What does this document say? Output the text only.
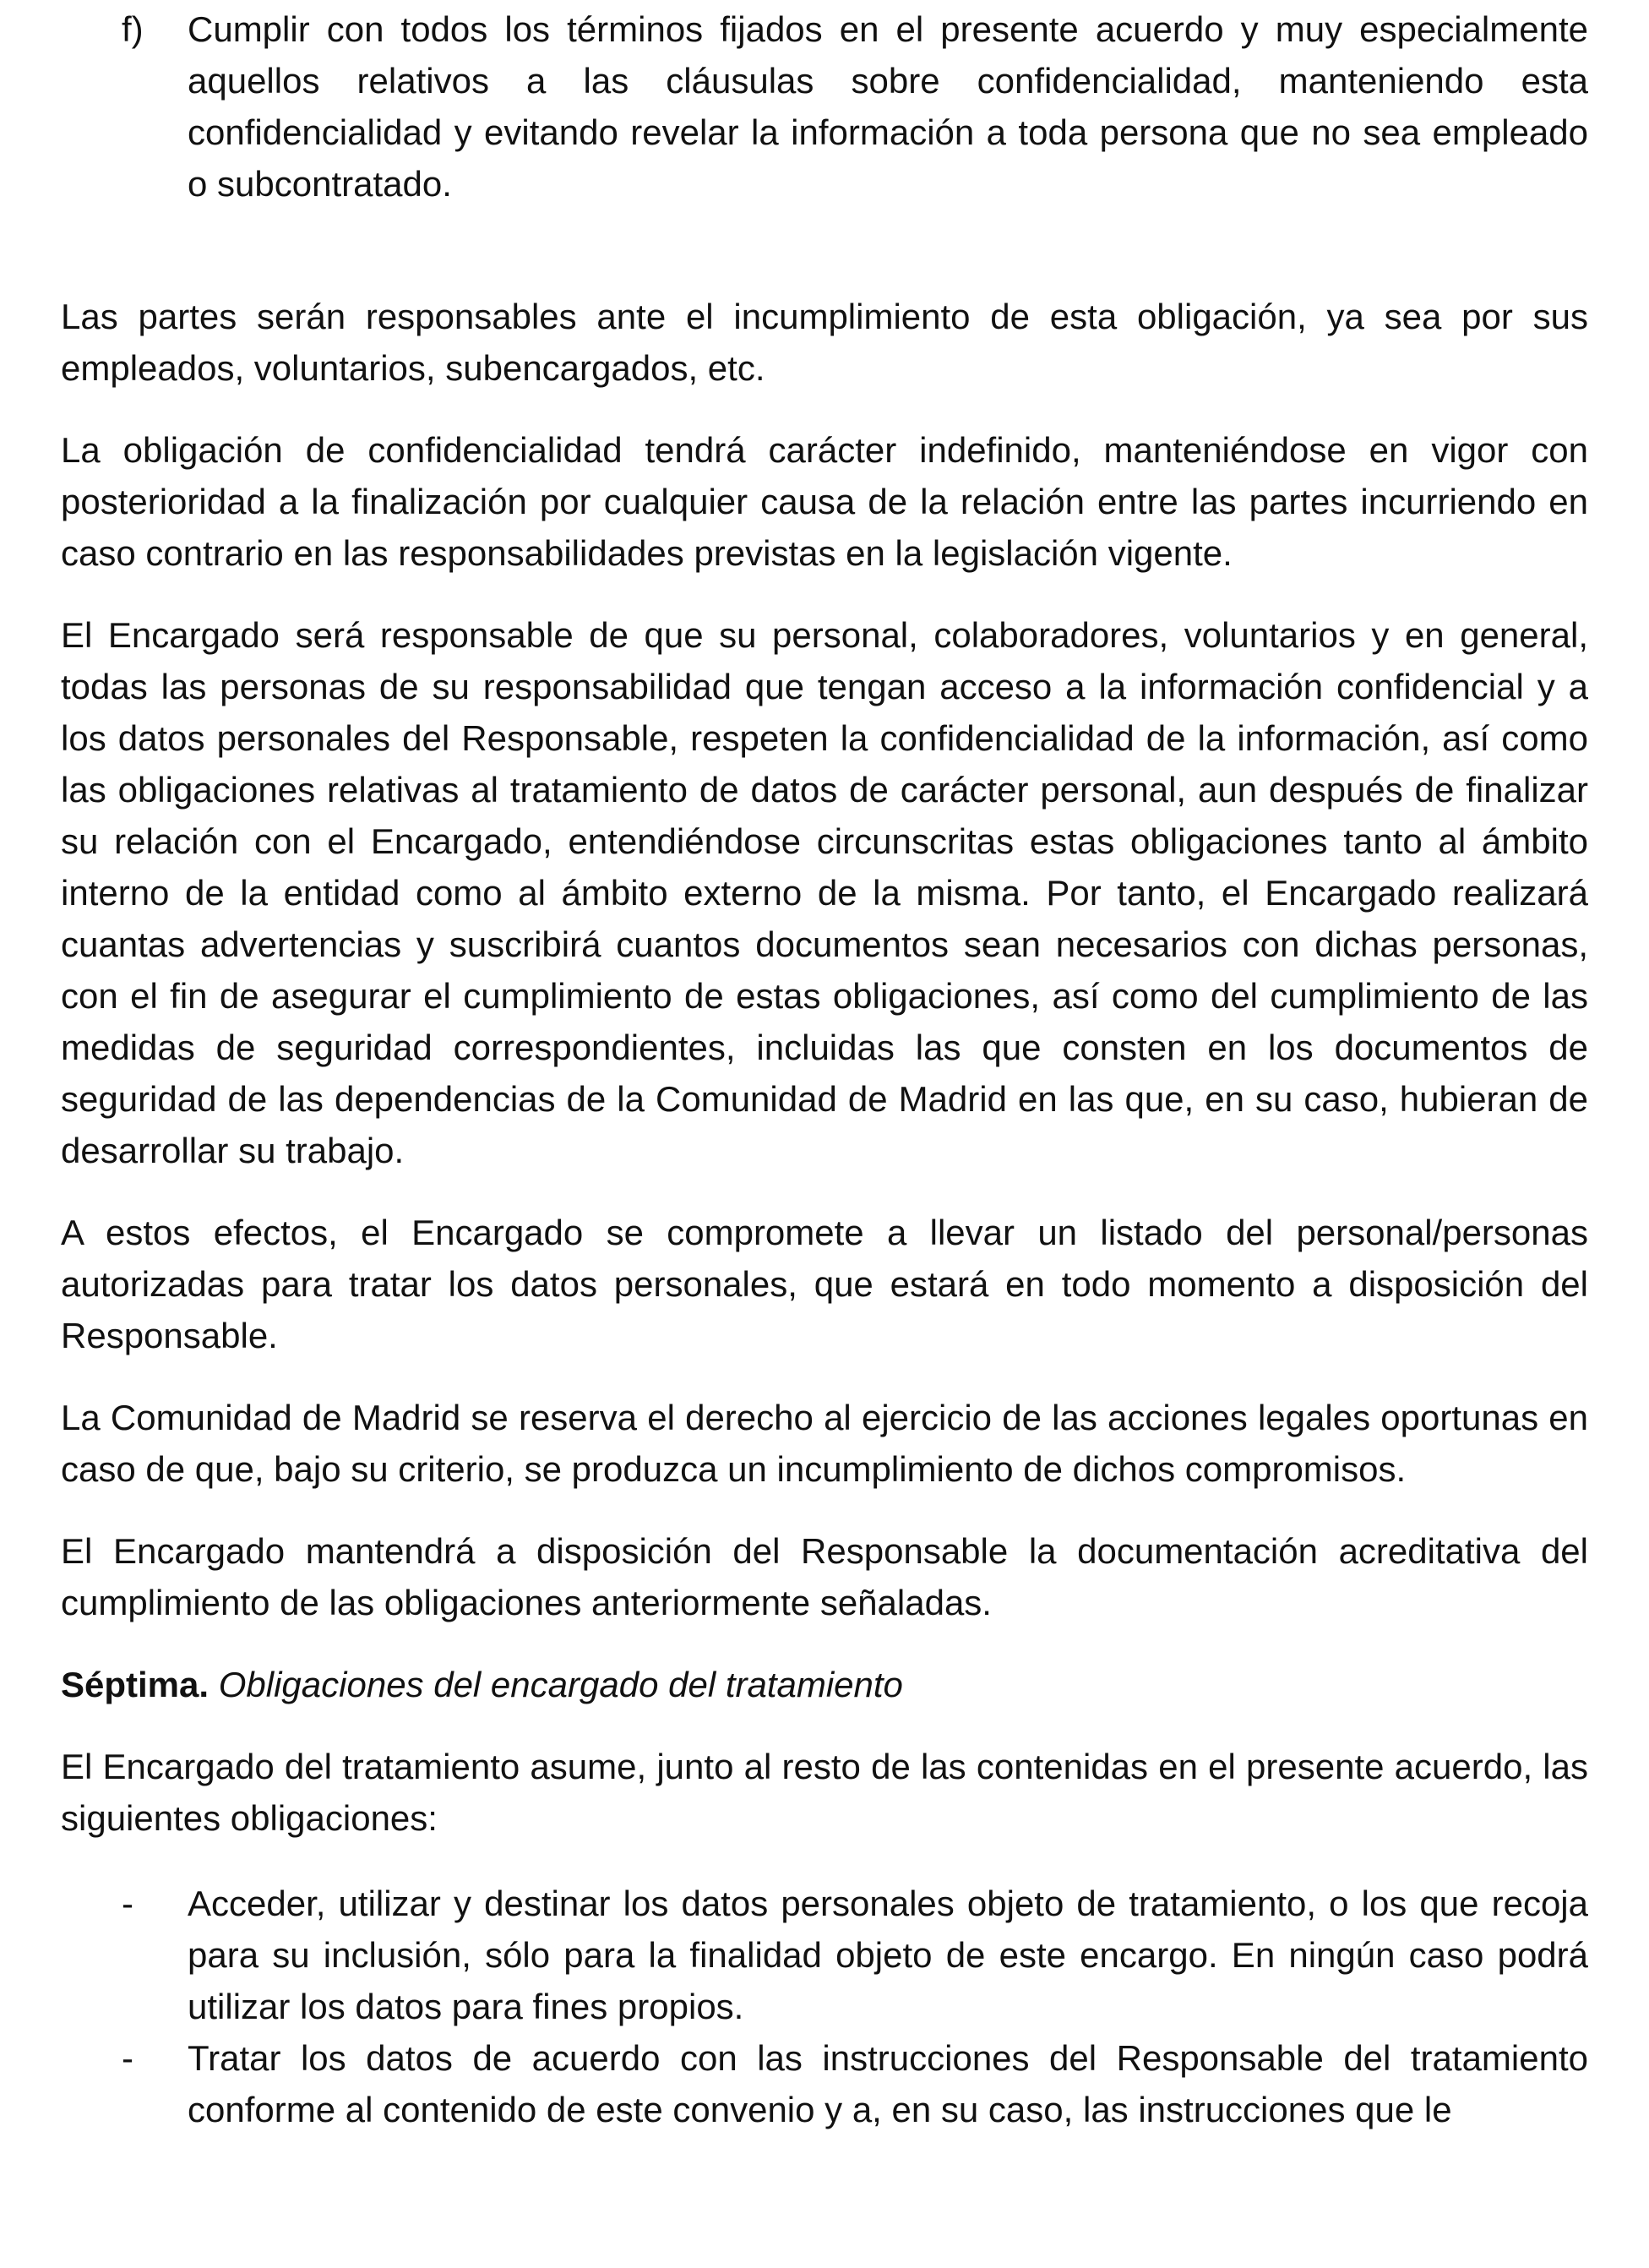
f) Cumplir con todos los términos fijados en el presente acuerdo y muy especialmente aquellos relativos a las cláusulas sobre confidencialidad, manteniendo esta confidencialidad y evitando revelar la información a toda persona que no sea empleado o subcontratado.

Las partes serán responsables ante el incumplimiento de esta obligación, ya sea por sus empleados, voluntarios, subencargados, etc.

La obligación de confidencialidad tendrá carácter indefinido, manteniéndose en vigor con posterioridad a la finalización por cualquier causa de la relación entre las partes incurriendo en caso contrario en las responsabilidades previstas en la legislación vigente.

El Encargado será responsable de que su personal, colaboradores, voluntarios y en general, todas las personas de su responsabilidad que tengan acceso a la información confidencial y a los datos personales del Responsable, respeten la confidencialidad de la información, así como las obligaciones relativas al tratamiento de datos de carácter personal, aun después de finalizar su relación con el Encargado, entendiéndose circunscritas estas obligaciones tanto al ámbito interno de la entidad como al ámbito externo de la misma. Por tanto, el Encargado realizará cuantas advertencias y suscribirá cuantos documentos sean necesarios con dichas personas, con el fin de asegurar el cumplimiento de estas obligaciones, así como del cumplimiento de las medidas de seguridad correspondientes, incluidas las que consten en los documentos de seguridad de las dependencias de la Comunidad de Madrid en las que, en su caso, hubieran de desarrollar su trabajo.

A estos efectos, el Encargado se compromete a llevar un listado del personal/personas autorizadas para tratar los datos personales, que estará en todo momento a disposición del Responsable.

La Comunidad de Madrid se reserva el derecho al ejercicio de las acciones legales oportunas en caso de que, bajo su criterio, se produzca un incumplimiento de dichos compromisos.

El Encargado mantendrá a disposición del Responsable la documentación acreditativa del cumplimiento de las obligaciones anteriormente señaladas.

Séptima. Obligaciones del encargado del tratamiento

El Encargado del tratamiento asume, junto al resto de las contenidas en el presente acuerdo, las siguientes obligaciones:

- Acceder, utilizar y destinar los datos personales objeto de tratamiento, o los que recoja para su inclusión, sólo para la finalidad objeto de este encargo. En ningún caso podrá utilizar los datos para fines propios.

- Tratar los datos de acuerdo con las instrucciones del Responsable del tratamiento conforme al contenido de este convenio y a, en su caso, las instrucciones que le
